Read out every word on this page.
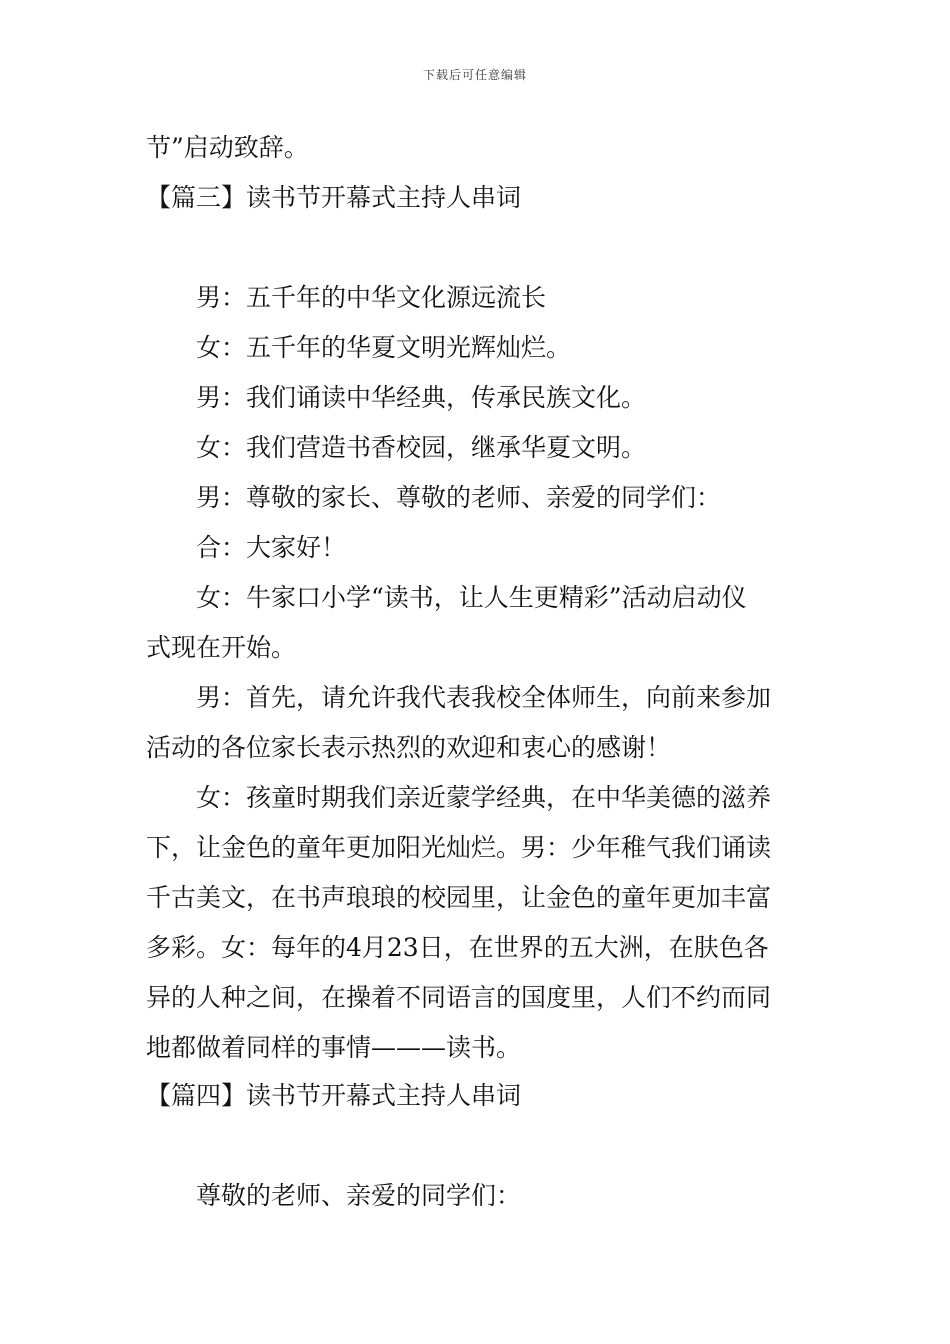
下载后可任意编辑
节”启动致辞。
【篇三】读书节开幕式主持人串词
男：五千年的中华文化源远流长
女：五千年的华夏文明光辉灿烂。
男：我们诵读中华经典，传承民族文化。
女：我们营造书香校园，继承华夏文明。
男：尊敬的家长、尊敬的老师、亲爱的同学们：
合：大家好！
女：牛家口小学“读书，让人生更精彩”活动启动仪
式现在开始。
男：首先，请允许我代表我校全体师生，向前来参加
活动的各位家长表示热烈的欢迎和衷心的感谢！
女：孩童时期我们亲近蒙学经典，在中华美德的滋养
下，让金色的童年更加阳光灿烂。男：少年稚气我们诵读
千古美文，在书声琅琅的校园里，让金色的童年更加丰富
多彩。女：每年的4月23日，在世界的五大洲，在肤色各
异的人种之间，在操着不同语言的国度里，人们不约而同
地都做着同样的事情———读书。
【篇四】读书节开幕式主持人串词
尊敬的老师、亲爱的同学们：
